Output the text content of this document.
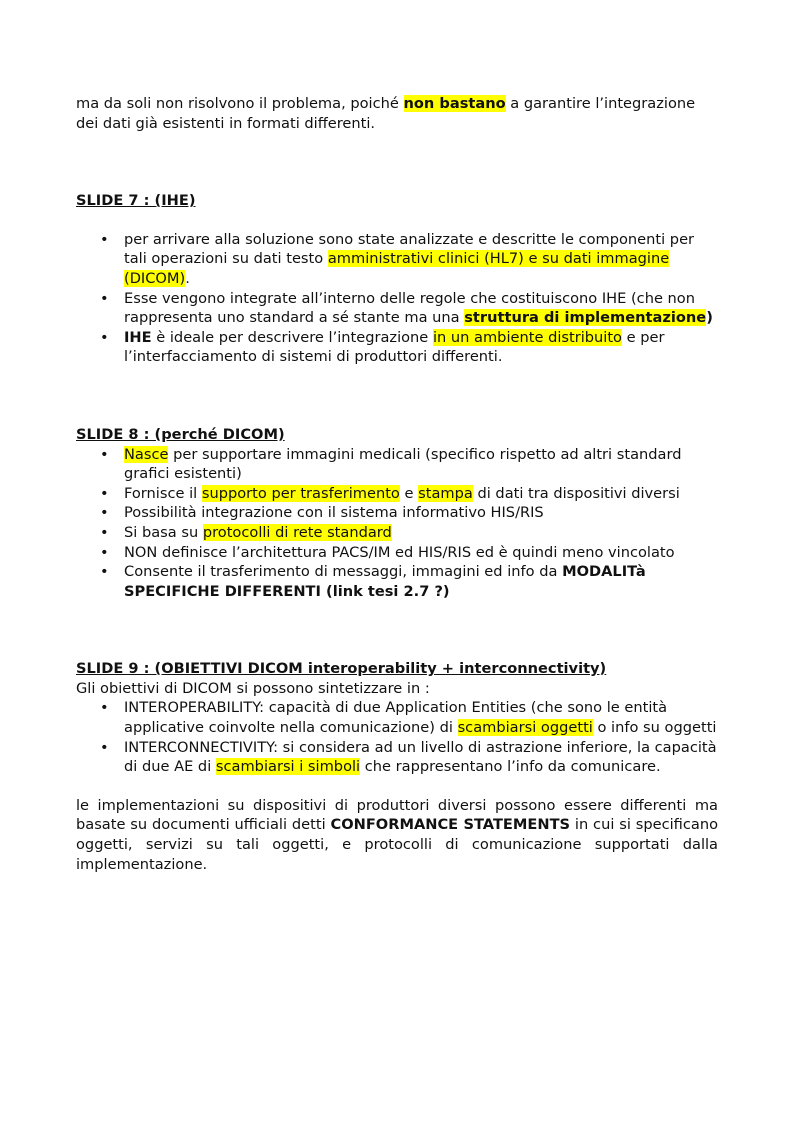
ma da soli non risolvono il problema, poiché non bastano a garantire l’integrazione dei dati già esistenti in formati differenti.

SLIDE 7 : (IHE)

• per arrivare alla soluzione sono state analizzate e descritte le componenti per tali operazioni su dati testo amministrativi clinici (HL7) e su dati immagine (DICOM).
• Esse vengono integrate all’interno delle regole che costituiscono IHE (che non rappresenta uno standard a sé stante ma una struttura di implementazione)
• IHE è ideale per descrivere l’integrazione in un ambiente distribuito e per l’interfacciamento di sistemi di produttori differenti.

SLIDE 8 : (perché DICOM)

• Nasce per supportare immagini medicali (specifico rispetto ad altri standard grafici esistenti)
• Fornisce il supporto per trasferimento e stampa di dati tra dispositivi diversi
• Possibilità integrazione con il sistema informativo HIS/RIS
• Si basa su protocolli di rete standard
• NON definisce l’architettura PACS/IM ed HIS/RIS ed è quindi meno vincolato
• Consente il trasferimento di messaggi, immagini ed info da MODALITà SPECIFICHE DIFFERENTI (link tesi 2.7 ?)

SLIDE 9 : (OBIETTIVI DICOM interoperability + interconnectivity)

Gli obiettivi di DICOM si possono sintetizzare in :

• INTEROPERABILITY: capacità di due Application Entities (che sono le entità applicative coinvolte nella comunicazione) di scambiarsi oggetti o info su oggetti
• INTERCONNECTIVITY: si considera ad un livello di astrazione inferiore, la capacità di due AE di scambiarsi i simboli che rappresentano l’info da comunicare.

le implementazioni su dispositivi di produttori diversi possono essere differenti ma basate su documenti ufficiali detti CONFORMANCE STATEMENTS in cui si specificano oggetti, servizi su tali oggetti, e protocolli di comunicazione supportati dalla implementazione.
